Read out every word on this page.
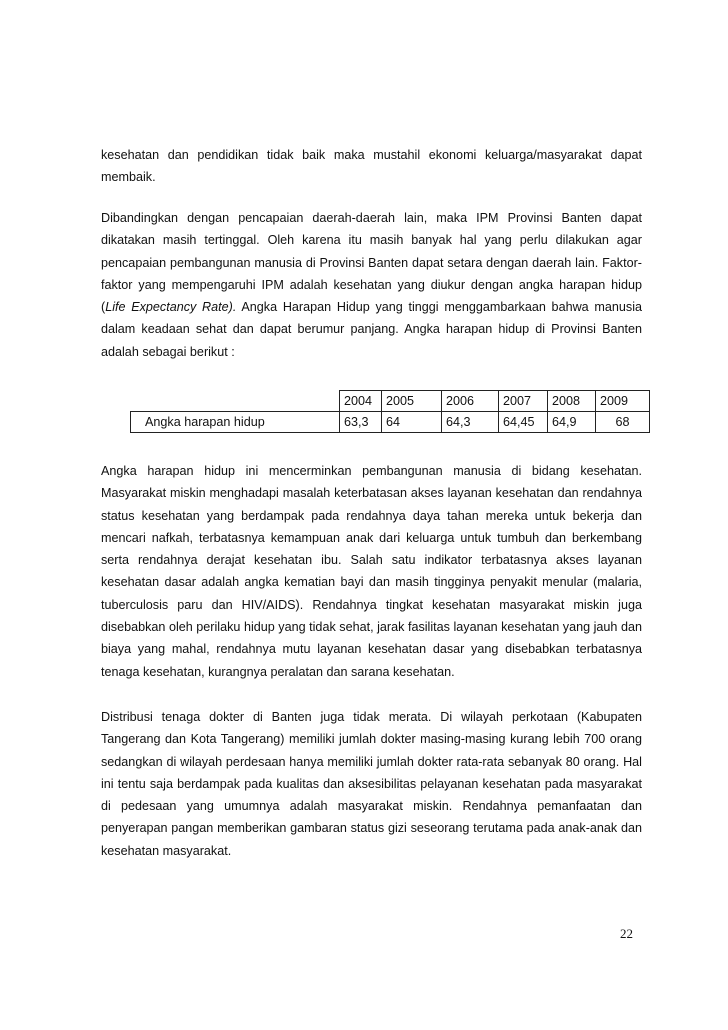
kesehatan dan pendidikan tidak baik maka mustahil ekonomi keluarga/masyarakat dapat membaik.

Dibandingkan dengan pencapaian daerah-daerah lain, maka IPM Provinsi Banten dapat dikatakan masih tertinggal. Oleh karena itu masih banyak hal yang perlu dilakukan agar pencapaian pembangunan manusia di Provinsi Banten dapat setara dengan daerah lain. Faktor-faktor yang mempengaruhi IPM adalah kesehatan yang diukur dengan angka harapan hidup (Life Expectancy Rate). Angka Harapan Hidup yang tinggi menggambarkaan bahwa manusia dalam keadaan sehat dan dapat berumur panjang. Angka harapan hidup di Provinsi Banten adalah sebagai berikut :

	2004	2005	2006	2007	2008	2009
Angka harapan hidup	63,3	64	64,3	64,45	64,9	68

Angka harapan hidup ini mencerminkan pembangunan manusia di bidang kesehatan. Masyarakat miskin menghadapi masalah keterbatasan akses layanan kesehatan dan rendahnya status kesehatan yang berdampak pada rendahnya daya tahan mereka untuk bekerja dan mencari nafkah, terbatasnya kemampuan anak dari keluarga untuk tumbuh dan berkembang serta rendahnya derajat kesehatan ibu. Salah satu indikator terbatasnya akses layanan kesehatan dasar adalah angka kematian bayi dan masih tingginya penyakit menular (malaria, tuberculosis paru dan HIV/AIDS). Rendahnya tingkat kesehatan masyarakat miskin juga disebabkan oleh perilaku hidup yang tidak sehat, jarak fasilitas layanan kesehatan yang jauh dan biaya yang mahal, rendahnya mutu layanan kesehatan dasar yang disebabkan terbatasnya tenaga kesehatan, kurangnya peralatan dan sarana kesehatan.

Distribusi tenaga dokter di Banten juga tidak merata. Di wilayah perkotaan (Kabupaten Tangerang dan Kota Tangerang) memiliki jumlah dokter masing-masing kurang lebih 700 orang sedangkan di wilayah perdesaan hanya memiliki jumlah dokter rata-rata sebanyak 80 orang. Hal ini tentu saja berdampak pada kualitas dan aksesibilitas pelayanan kesehatan pada masyarakat di pedesaan yang umumnya adalah masyarakat miskin. Rendahnya pemanfaatan dan penyerapan pangan memberikan gambaran status gizi seseorang terutama pada anak-anak dan kesehatan masyarakat.

22
